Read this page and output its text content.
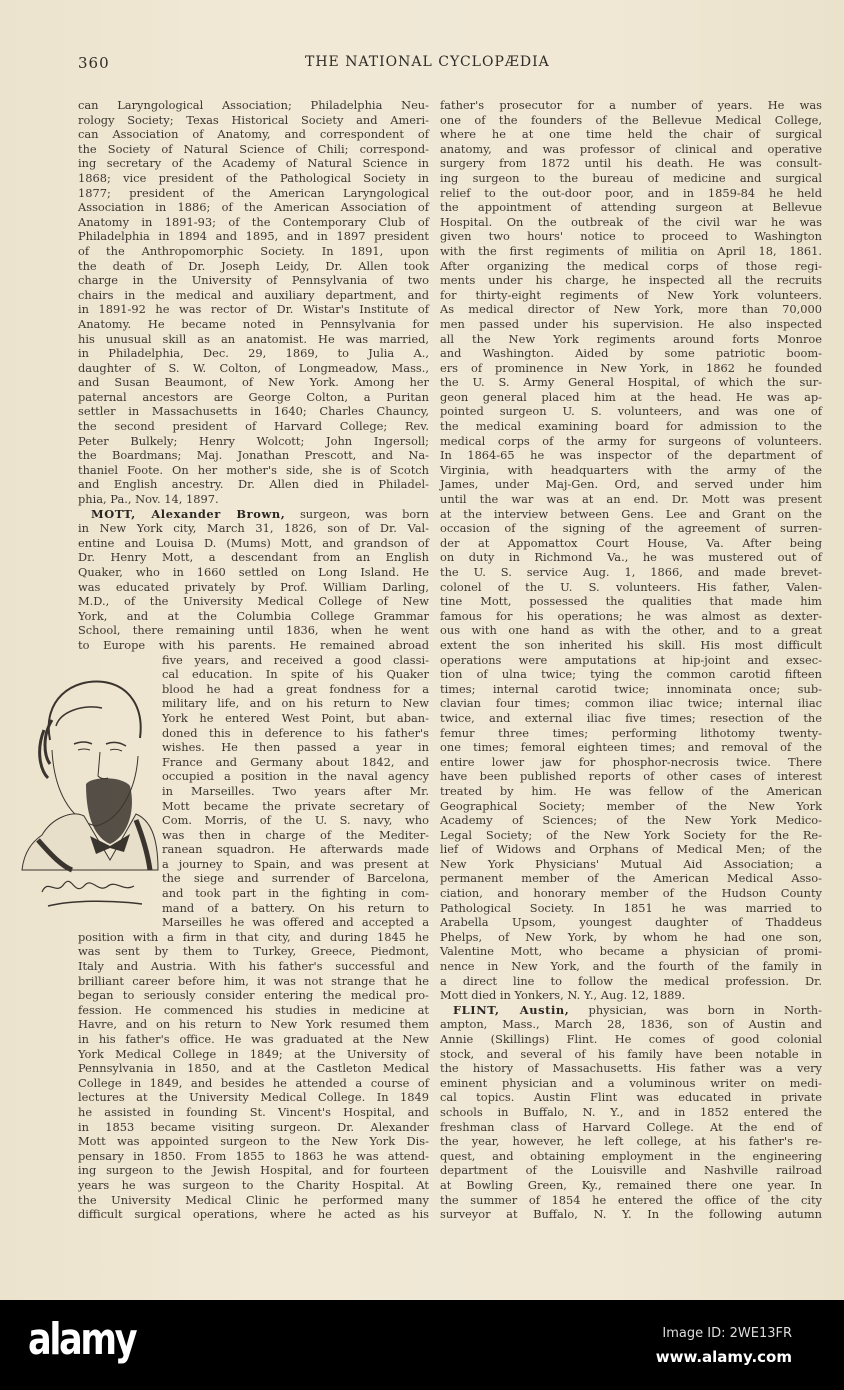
360	THE NATIONAL CYCLOPÆDIA
can Laryngological Association; Philadelphia Neu-
rology Society; Texas Historical Society and Ameri-
can Association of Anatomy, and correspondent of
the Society of Natural Science of Chili; correspond-
ing secretary of the Academy of Natural Science in
1868; vice president of the Pathological Society in
1877; president of the American Laryngological
Association in 1886; of the American Association of
Anatomy in 1891-93; of the Contemporary Club of
Philadelphia in 1894 and 1895, and in 1897 president
of the Anthropomorphic Society. In 1891, upon
the death of Dr. Joseph Leidy, Dr. Allen took
charge in the University of Pennsylvania of two
chairs in the medical and auxiliary department, and
in 1891-92 he was rector of Dr. Wistar's Institute of
Anatomy. He became noted in Pennsylvania for
his unusual skill as an anatomist. He was married,
in Philadelphia, Dec. 29, 1869, to Julia A.,
daughter of S. W. Colton, of Longmeadow, Mass.,
and Susan Beaumont, of New York. Among her
paternal ancestors are George Colton, a Puritan
settler in Massachusetts in 1640; Charles Chauncy,
the second president of Harvard College; Rev.
Peter Bulkely; Henry Wolcott; John Ingersoll;
the Boardmans; Maj. Jonathan Prescott, and Na-
thaniel Foote. On her mother's side, she is of Scotch
and English ancestry. Dr. Allen died in Philadel-
phia, Pa., Nov. 14, 1897.
MOTT, Alexander Brown, surgeon, was born
in New York city, March 31, 1826, son of Dr. Val-
entine and Louisa D. (Mums) Mott, and grandson of
Dr. Henry Mott, a descendant from an English
Quaker, who in 1660 settled on Long Island. He
was educated privately by Prof. William Darling,
M.D., of the University Medical College of New
York, and at the Columbia College Grammar
School, there remaining until 1836, when he went
to Europe with his parents. He remained abroad
five years, and received a good classi-
cal education. In spite of his Quaker
blood he had a great fondness for a
military life, and on his return to New
York he entered West Point, but aban-
doned this in deference to his father's
wishes. He then passed a year in
France and Germany about 1842, and
occupied a position in the naval agency
in Marseilles. Two years after Mr.
Mott became the private secretary of
Com. Morris, of the U. S. navy, who
was then in charge of the Mediter-
ranean squadron. He afterwards made
a journey to Spain, and was present at
the siege and surrender of Barcelona,
and took part in the fighting in com-
mand of a battery. On his return to
Marseilles he was offered and accepted a
position with a firm in that city, and during 1845 he
was sent by them to Turkey, Greece, Piedmont,
Italy and Austria. With his father's successful and
brilliant career before him, it was not strange that he
began to seriously consider entering the medical pro-
fession. He commenced his studies in medicine at
Havre, and on his return to New York resumed them
in his father's office. He was graduated at the New
York Medical College in 1849; at the University of
Pennsylvania in 1850, and at the Castleton Medical
College in 1849, and besides he attended a course of
lectures at the University Medical College. In 1849
he assisted in founding St. Vincent's Hospital, and
in 1853 became visiting surgeon. Dr. Alexander
Mott was appointed surgeon to the New York Dis-
pensary in 1850. From 1855 to 1863 he was attend-
ing surgeon to the Jewish Hospital, and for fourteen
years he was surgeon to the Charity Hospital. At
the University Medical Clinic he performed many
difficult surgical operations, where he acted as his
father's prosecutor for a number of years. He was
one of the founders of the Bellevue Medical College,
where he at one time held the chair of surgical
anatomy, and was professor of clinical and operative
surgery from 1872 until his death. He was consult-
ing surgeon to the bureau of medicine and surgical
relief to the out-door poor, and in 1859-84 he held
the appointment of attending surgeon at Bellevue
Hospital. On the outbreak of the civil war he was
given two hours' notice to proceed to Washington
with the first regiments of militia on April 18, 1861.
After organizing the medical corps of those regi-
ments under his charge, he inspected all the recruits
for thirty-eight regiments of New York volunteers.
As medical director of New York, more than 70,000
men passed under his supervision. He also inspected
all the New York regiments around forts Monroe
and Washington. Aided by some patriotic boom-
ers of prominence in New York, in 1862 he founded
the U. S. Army General Hospital, of which the sur-
geon general placed him at the head. He was ap-
pointed surgeon U. S. volunteers, and was one of
the medical examining board for admission to the
medical corps of the army for surgeons of volunteers.
In 1864-65 he was inspector of the department of
Virginia, with headquarters with the army of the
James, under Maj-Gen. Ord, and served under him
until the war was at an end. Dr. Mott was present
at the interview between Gens. Lee and Grant on the
occasion of the signing of the agreement of surren-
der at Appomattox Court House, Va. After being
on duty in Richmond Va., he was mustered out of
the U. S. service Aug. 1, 1866, and made brevet-
colonel of the U. S. volunteers. His father, Valen-
tine Mott, possessed the qualities that made him
famous for his operations; he was almost as dexter-
ous with one hand as with the other, and to a great
extent the son inherited his skill. His most difficult
operations were amputations at hip-joint and exsec-
tion of ulna twice; tying the common carotid fifteen
times; internal carotid twice; innominata once; sub-
clavian four times; common iliac twice; internal iliac
twice, and external iliac five times; resection of the
femur three times; performing lithotomy twenty-
one times; femoral eighteen times; and removal of the
entire lower jaw for phosphor-necrosis twice. There
have been published reports of other cases of interest
treated by him. He was fellow of the American
Geographical Society; member of the New York
Academy of Sciences; of the New York Medico-
Legal Society; of the New York Society for the Re-
lief of Widows and Orphans of Medical Men; of the
New York Physicians' Mutual Aid Association; a
permanent member of the American Medical Asso-
ciation, and honorary member of the Hudson County
Pathological Society. In 1851 he was married to
Arabella Upsom, youngest daughter of Thaddeus
Phelps, of New York, by whom he had one son,
Valentine Mott, who became a physician of promi-
nence in New York, and the fourth of the family in
a direct line to follow the medical profession. Dr.
Mott died in Yonkers, N. Y., Aug. 12, 1889.
FLINT, Austin, physician, was born in North-
ampton, Mass., March 28, 1836, son of Austin and
Annie (Skillings) Flint. He comes of good colonial
stock, and several of his family have been notable in
the history of Massachusetts. His father was a very
eminent physician and a voluminous writer on medi-
cal topics. Austin Flint was educated in private
schools in Buffalo, N. Y., and in 1852 entered the
freshman class of Harvard College. At the end of
the year, however, he left college, at his father's re-
quest, and obtaining employment in the engineering
department of the Louisville and Nashville railroad
at Bowling Green, Ky., remained there one year. In
the summer of 1854 he entered the office of the city
surveyor at Buffalo, N. Y. In the following autumn
alamy	Image ID: 2WE13FR
www.alamy.com
